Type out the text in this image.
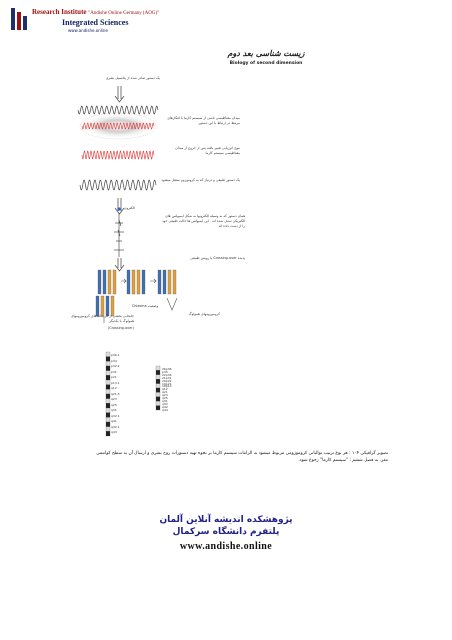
Research Institute "Andishe Online Germany (AOG)"
Integrated Sciences
www.andishe.online
زیست شناسی بعد دوم
Biology of second dimension
یک دستور صادر شده از پتانسیل بشری
میدان مغناطیسی ناشی از سیستم کارما با افکارهای مرتبط در ارتباط با این دستور
موج انرژیایی تغییر یافته پس از خروج از میدان مغناطیسی سیستم کارما
یک دستور طبیعی و درنیاز که به کروموزوم منتقل میشود
الکترون
همان دستور که به وسیله الکترونها به شکل ایمپولس های الکتریکی تبدیل شده اند . این ایمپولس ها حالت طبیعی خود را از دست داده اند
پدیده Crossing-over یا رویش طبیعی
وضعیت Chiasma
کروموزومهای همولوگ
جابجایی بخشی از کروماتیدهای کروموزومهای همولوگ با یکدیگر
(Crossing-over)
p36.1
p34
p32.2
p31
p21
p13.1
q12
q21.3
q23
q25
q31
q32.1
q41
q42.1
q43
26p36
p35
22p34
21p31
20p22
19p21
18p13
q12
q21
q23
q25
q31
q32
q42
q44
تصویر گرافیکی ۱۰۴ : هر نوع ترتیب توالیاتی کروموزومی مربوط میشود به الزامات سیستم کارما بر نحوه تهیه دستورات روح بشری و ارسال آن به سطح کوانتمی مغز. به فصل ششم : "سیستم کارما" رجوع شود.
پژوهشکده اندیشه آنلاین آلمان
پلتفرم دانشگاه سرکمال
www.andishe.online
